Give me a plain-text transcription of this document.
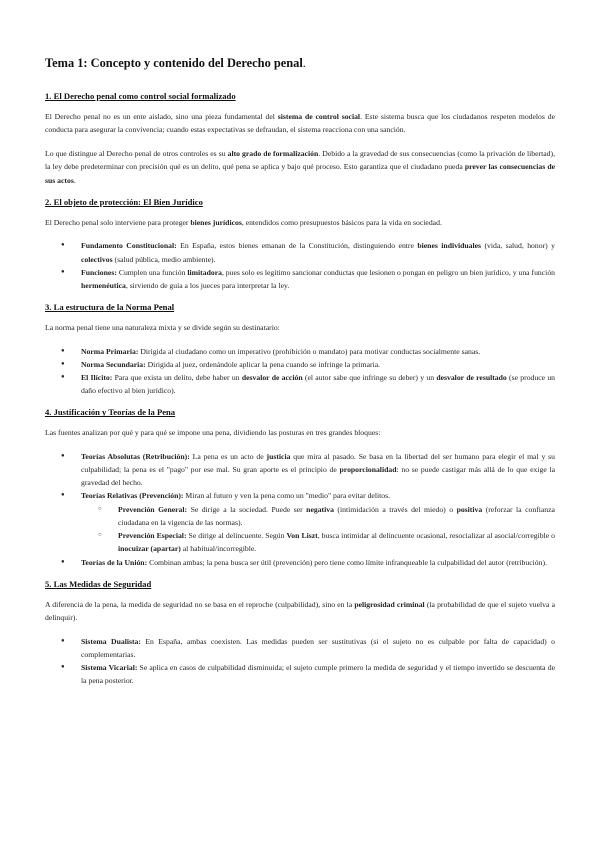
Tema 1: Concepto y contenido del Derecho penal.
1. El Derecho penal como control social formalizado

El Derecho penal no es un ente aislado, sino una pieza fundamental del sistema de control social. Este sistema busca que los ciudadanos respeten modelos de conducta para asegurar la convivencia; cuando estas expectativas se defraudan, el sistema reacciona con una sanción.

Lo que distingue al Derecho penal de otros controles es su alto grado de formalización. Debido a la gravedad de sus consecuencias (como la privación de libertad), la ley debe predeterminar con precisión qué es un delito, qué pena se aplica y bajo qué proceso. Esto garantiza que el ciudadano pueda prever las consecuencias de sus actos.

2. El objeto de protección: El Bien Jurídico

El Derecho penal solo interviene para proteger bienes jurídicos, entendidos como presupuestos básicos para la vida en sociedad.

● Fundamento Constitucional: En España, estos bienes emanan de la Constitución, distinguiendo entre bienes individuales (vida, salud, honor) y colectivos (salud pública, medio ambiente).
● Funciones: Cumplen una función limitadora, pues solo es legítimo sancionar conductas que lesionen o pongan en peligro un bien jurídico, y una función hermenéutica, sirviendo de guía a los jueces para interpretar la ley.
3. La estructura de la Norma Penal

La norma penal tiene una naturaleza mixta y se divide según su destinatario:

● Norma Primaria: Dirigida al ciudadano como un imperativo (prohibición o mandato) para motivar conductas socialmente sanas.
● Norma Secundaria: Dirigida al juez, ordenándole aplicar la pena cuando se infringe la primaria.
● El Ilícito: Para que exista un delito, debe haber un desvalor de acción (el autor sabe que infringe su deber) y un desvalor de resultado (se produce un daño efectivo al bien jurídico).
4. Justificación y Teorías de la Pena

Las fuentes analizan por qué y para qué se impone una pena, dividiendo las posturas en tres grandes bloques:

● Teorías Absolutas (Retribución): La pena es un acto de justicia que mira al pasado. Se basa en la libertad del ser humano para elegir el mal y su culpabilidad; la pena es el "pago" por ese mal. Su gran aporte es el principio de proporcionalidad: no se puede castigar más allá de lo que exige la gravedad del hecho.
● Teorías Relativas (Prevención): Miran al futuro y ven la pena como un "medio" para evitar delitos.
○ Prevención General: Se dirige a la sociedad. Puede ser negativa (intimidación a través del miedo) o positiva (reforzar la confianza ciudadana en la vigencia de las normas).
○ Prevención Especial: Se dirige al delincuente. Según Von Liszt, busca intimidar al delincuente ocasional, resocializar al asocial/corregible o inocuizar (apartar) al habitual/incorregible.
● Teorías de la Unión: Combinan ambas; la pena busca ser útil (prevención) pero tiene como límite infranqueable la culpabilidad del autor (retribución).
5. Las Medidas de Seguridad

A diferencia de la pena, la medida de seguridad no se basa en el reproche (culpabilidad), sino en la peligrosidad criminal (la probabilidad de que el sujeto vuelva a delinquir).

● Sistema Dualista: En España, ambas coexisten. Las medidas pueden ser sustitutivas (si el sujeto no es culpable por falta de capacidad) o complementarias.
● Sistema Vicarial: Se aplica en casos de culpabilidad disminuida; el sujeto cumple primero la medida de seguridad y el tiempo invertido se descuenta de la pena posterior.
